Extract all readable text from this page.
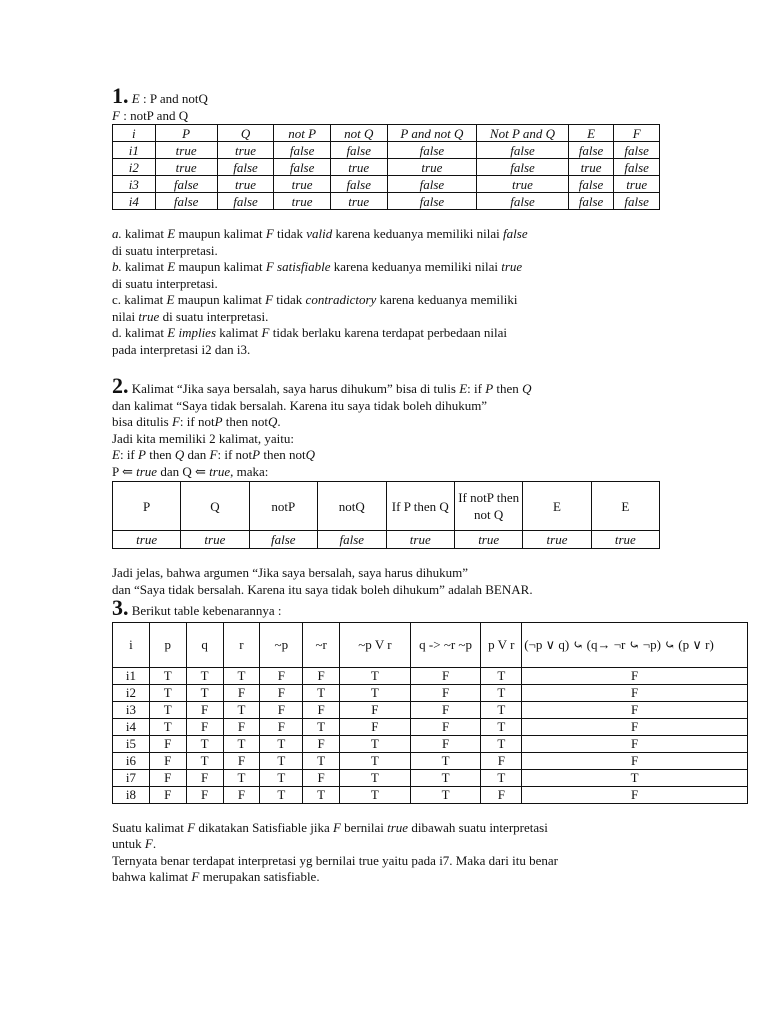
1. E : P and notQ
F : notP and Q
i	P	Q	not P	not Q	P and not Q	Not P and Q	E	F
i1	true	true	false	false	false	false	false	false
i2	true	false	false	true	true	false	true	false
i3	false	true	true	false	false	true	false	true
i4	false	false	true	true	false	false	false	false
a. kalimat E maupun kalimat F tidak valid karena keduanya memiliki nilai false
di suatu interpretasi.
b. kalimat E maupun kalimat F satisfiable karena keduanya memiliki nilai true
di suatu interpretasi.
c. kalimat E maupun kalimat F tidak contradictory karena keduanya memiliki
nilai true di suatu interpretasi.
d. kalimat E implies kalimat F tidak berlaku karena terdapat perbedaan nilai
pada interpretasi i2 dan i3.
2. Kalimat “Jika saya bersalah, saya harus dihukum” bisa di tulis E: if P then Q
dan kalimat “Saya tidak bersalah. Karena itu saya tidak boleh dihukum”
bisa ditulis F: if notP then notQ.
Jadi kita memiliki 2 kalimat, yaitu:
E: if P then Q dan F: if notP then notQ
P ⇐ true dan Q ⇐ true, maka:
P	Q	notP	notQ	If P then Q	If notP then not Q	E	E
true	true	false	false	true	true	true	true
Jadi jelas, bahwa argumen “Jika saya bersalah, saya harus dihukum”
dan “Saya tidak bersalah. Karena itu saya tidak boleh dihukum” adalah BENAR.
3. Berikut table kebenarannya :
i	p	q	r	~p	~r	~p V r	q -> ~r ~p	p V r	(¬p ∨ q) ⤿ (q→ ¬r ⤿ ¬p) ⤿ (p ∨ r)
i1	T	T	T	F	F	T	F	T	F
i2	T	T	F	F	T	T	F	T	F
i3	T	F	T	F	F	F	F	T	F
i4	T	F	F	F	T	F	F	T	F
i5	F	T	T	T	F	T	F	T	F
i6	F	T	F	T	T	T	T	F	F
i7	F	F	T	T	F	T	T	T	T
i8	F	F	F	T	T	T	T	F	F
Suatu kalimat F dikatakan Satisfiable jika F bernilai true dibawah suatu interpretasi
untuk F.
Ternyata benar terdapat interpretasi yg bernilai true yaitu pada i7. Maka dari itu benar
bahwa kalimat F merupakan satisfiable.
